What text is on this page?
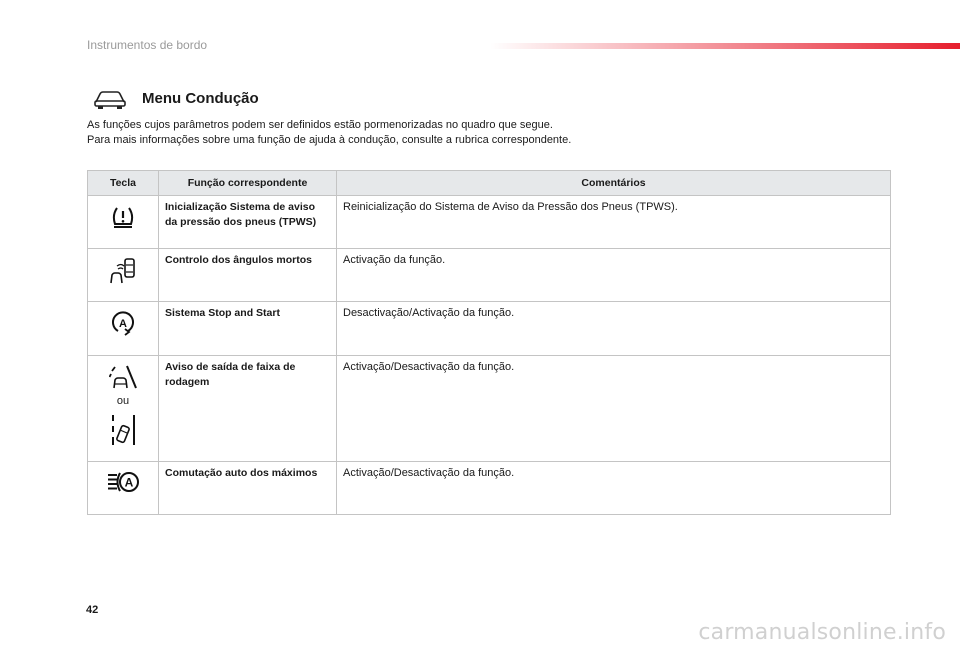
Instrumentos de bordo
Menu Condução
As funções cujos parâmetros podem ser definidos estão pormenorizadas no quadro que segue.
Para mais informações sobre uma função de ajuda à condução, consulte a rubrica correspondente.
Tecla	Função correspondente	Comentários
	Inicialização Sistema de aviso da pressão dos pneus (TPWS)	Reinicialização do Sistema de Aviso da Pressão dos Pneus (TPWS).
	Controlo dos ângulos mortos	Activação da função.

A	Sistema Stop and Start	Desactivação/Activação da função.

ou	Aviso de saída de faixa de rodagem	Activação/Desactivação da função.

A	Comutação auto dos máximos	Activação/Desactivação da função.
42
carmanualsonline.info
